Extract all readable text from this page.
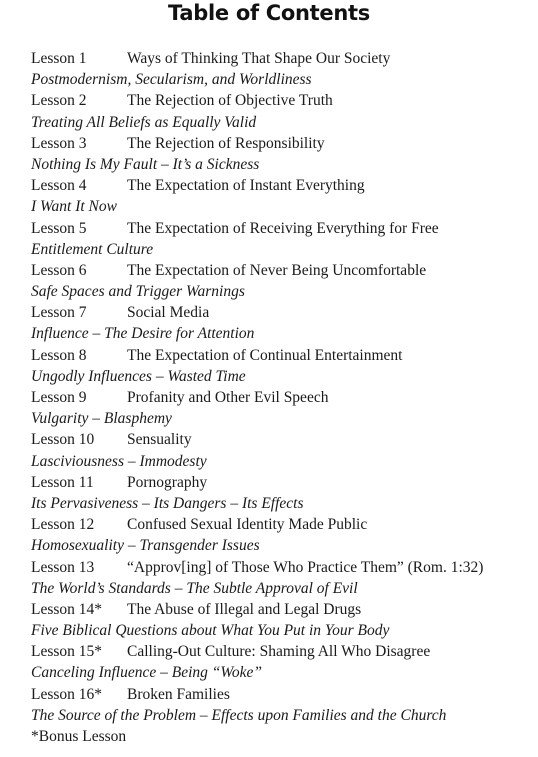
Table of Contents
Lesson 1	Ways of Thinking That Shape Our Society
Postmodernism, Secularism, and Worldliness
Lesson 2	The Rejection of Objective Truth
Treating All Beliefs as Equally Valid
Lesson 3	The Rejection of Responsibility
Nothing Is My Fault – It’s a Sickness
Lesson 4	The Expectation of Instant Everything
I Want It Now
Lesson 5	The Expectation of Receiving Everything for Free
Entitlement Culture
Lesson 6	The Expectation of Never Being Uncomfortable
Safe Spaces and Trigger Warnings
Lesson 7	Social Media
Influence – The Desire for Attention
Lesson 8	The Expectation of Continual Entertainment
Ungodly Influences – Wasted Time
Lesson 9	Profanity and Other Evil Speech
Vulgarity – Blasphemy
Lesson 10 Sensuality
Lasciviousness – Immodesty
Lesson 11 Pornography
Its Pervasiveness – Its Dangers – Its Effects
Lesson 12 Confused Sexual Identity Made Public
Homosexuality – Transgender Issues
Lesson 13 “Approv[ing] of Those Who Practice Them” (Rom. 1:32)
The World’s Standards – The Subtle Approval of Evil
Lesson 14* The Abuse of Illegal and Legal Drugs
Five Biblical Questions about What You Put in Your Body
Lesson 15* Calling-Out Culture: Shaming All Who Disagree
Canceling Influence – Being “Woke”
Lesson 16* Broken Families
The Source of the Problem – Effects upon Families and the Church
*Bonus Lesson
